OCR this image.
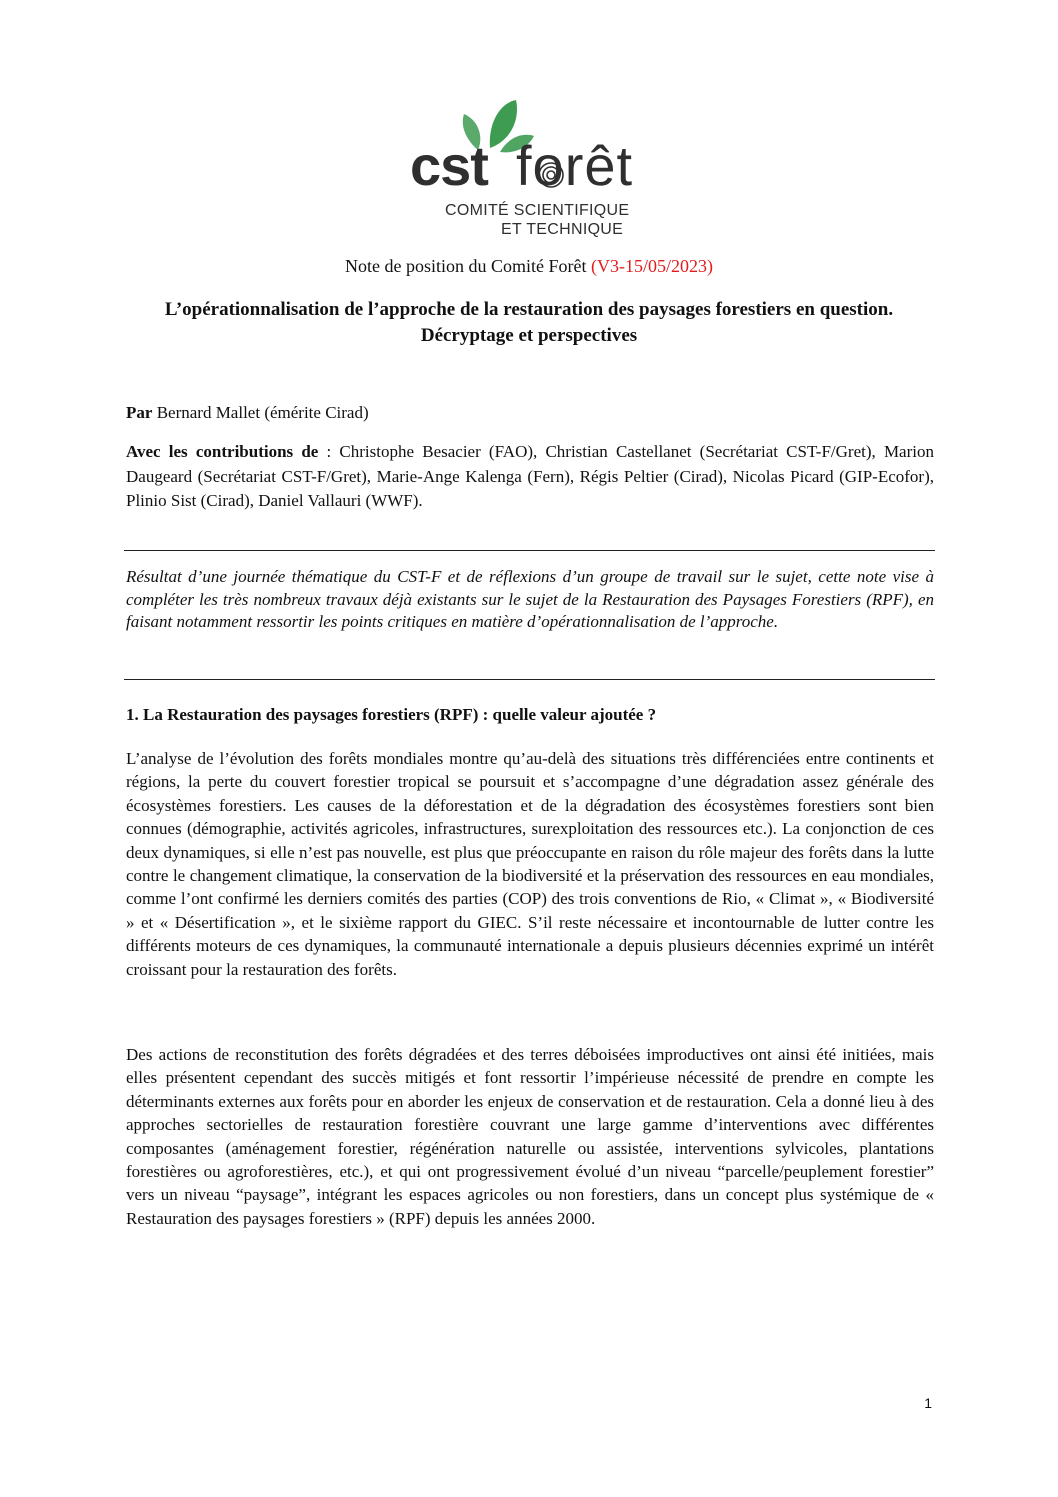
cst forêt
COMITÉ SCIENTIFIQUE
ET TECHNIQUE
Note de position du Comité Forêt (V3-15/05/2023)
L’opérationnalisation de l’approche de la restauration des paysages forestiers en question. Décryptage et perspectives
Par Bernard Mallet (émérite Cirad)
Avec les contributions de : Christophe Besacier (FAO), Christian Castellanet (Secrétariat CST-F/Gret), Marion Daugeard (Secrétariat CST-F/Gret), Marie-Ange Kalenga (Fern), Régis Peltier (Cirad), Nicolas Picard (GIP-Ecofor), Plinio Sist (Cirad), Daniel Vallauri (WWF).
Résultat d’une journée thématique du CST-F et de réflexions d’un groupe de travail sur le sujet, cette note vise à compléter les très nombreux travaux déjà existants sur le sujet de la Restauration des Paysages Forestiers (RPF), en faisant notamment ressortir les points critiques en matière d’opérationnalisation de l’approche.
1. La Restauration des paysages forestiers (RPF) : quelle valeur ajoutée ?
L’analyse de l’évolution des forêts mondiales montre qu’au-delà des situations très différenciées entre continents et régions, la perte du couvert forestier tropical se poursuit et s’accompagne d’une dégradation assez générale des écosystèmes forestiers. Les causes de la déforestation et de la dégradation des écosystèmes forestiers sont bien connues (démographie, activités agricoles, infrastructures, surexploitation des ressources etc.). La conjonction de ces deux dynamiques, si elle n’est pas nouvelle, est plus que préoccupante en raison du rôle majeur des forêts dans la lutte contre le changement climatique, la conservation de la biodiversité et la préservation des ressources en eau mondiales, comme l’ont confirmé les derniers comités des parties (COP) des trois conventions de Rio, « Climat », « Biodiversité » et « Désertification », et le sixième rapport du GIEC. S’il reste nécessaire et incontournable de lutter contre les différents moteurs de ces dynamiques, la communauté internationale a depuis plusieurs décennies exprimé un intérêt croissant pour la restauration des forêts.
Des actions de reconstitution des forêts dégradées et des terres déboisées improductives ont ainsi été initiées, mais elles présentent cependant des succès mitigés et font ressortir l’impérieuse nécessité de prendre en compte les déterminants externes aux forêts pour en aborder les enjeux de conservation et de restauration. Cela a donné lieu à des approches sectorielles de restauration forestière couvrant une large gamme d’interventions avec différentes composantes (aménagement forestier, régénération naturelle ou assistée, interventions sylvicoles, plantations forestières ou agroforestières, etc.), et qui ont progressivement évolué d’un niveau “parcelle/peuplement forestier” vers un niveau “paysage”, intégrant les espaces agricoles ou non forestiers, dans un concept plus systémique de « Restauration des paysages forestiers » (RPF) depuis les années 2000.
1
